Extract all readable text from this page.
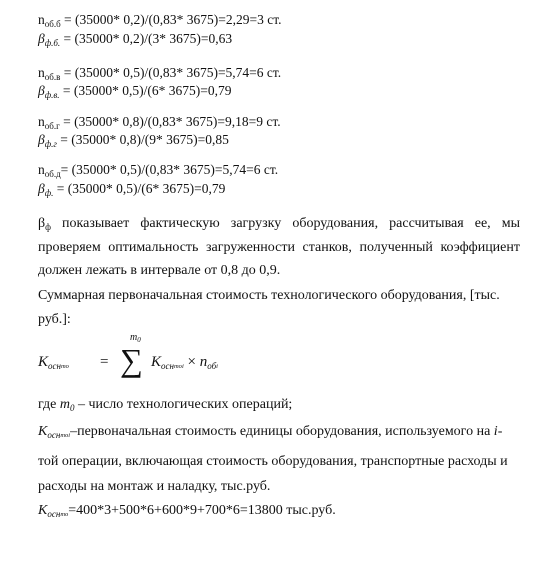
$n_{об.б} = (35000*$ 0,2)/(0,83* 3675)=2,29=3 ст.
$\beta_{ф.б.} = (35000*$ 0,2)/(3* 3675)=0,63
$n_{об.в} = (35000*$ 0,5)/(0,83* 3675)=5,74=6 ст.
$\beta_{ф.в.} = (35000*$ 0,5)/(6* 3675)=0,79
$n_{об.г} = (35000*$ 0,8)/(0,83* 3675)=9,18=9 ст.
$\beta_{ф.г} = (35000*$ 0,8)/(9* 3675)=0,85
$n_{об.д}= (35000*$ 0,5)/(0,83* 3675)=5,74=6 ст.
$\beta_{ф.} = (35000*$ 0,5)/(6* 3675)=0,79
$\beta_ф$ показывает фактическую загрузку оборудования, рассчитывая ее, мы
проверяем оптимальность загруженности станков, полученный коэффициент
должен лежать в интервале от 0,8 до 0,9.
Суммарная первоначальная стоимость технологического оборудования, [тыс.
руб.]:
$K_{осн}то$ =
$m_0$
∑ $K_{осн}тоi \times n_{об}i$
где $m_0$ – число технологических операций;
$K_{осн}тоi$–первоначальная стоимость единицы оборудования, используемого на i-
той операции, включающая стоимость оборудования, транспортные расходы и
расходы на монтаж и наладку, тыс.руб.
$K_{осн}то=400*3+500*6+600*9+700*6=13800$ тыс.руб.
